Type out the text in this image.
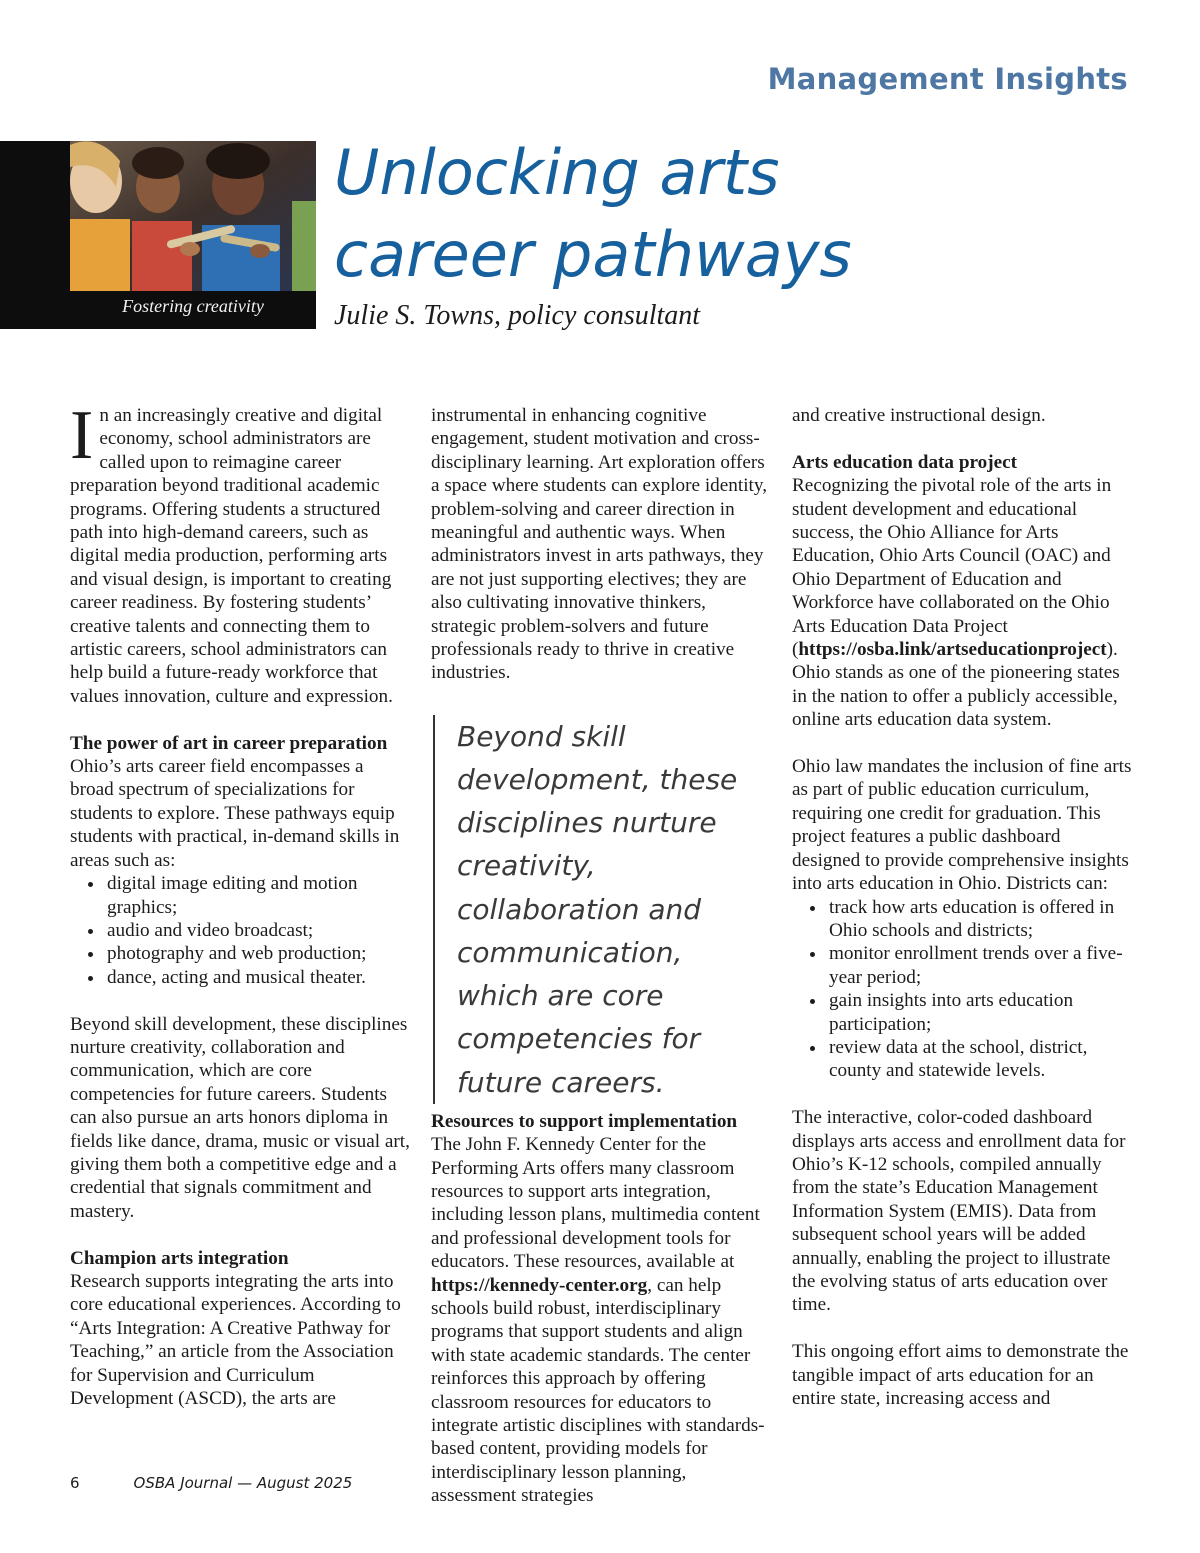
Management Insights
Fostering creativity
Unlocking arts
career pathways

Julie S. Towns, policy consultant

In an increasingly creative and digital economy, school administrators are called upon to reimagine career preparation beyond traditional academic programs. Offering students a structured path into high-demand careers, such as digital media production, performing arts and visual design, is important to creating career readiness. By fostering students’ creative talents and connecting them to artistic careers, school administrators can help build a future-ready workforce that values innovation, culture and expression.

The power of art in career preparation

Ohio’s arts career field encompasses a broad spectrum of specializations for students to explore. These pathways equip students with practical, in-demand skills in areas such as:

• digital image editing and motion graphics;
• audio and video broadcast;
• photography and web production;
• dance, acting and musical theater.

Beyond skill development, these disciplines nurture creativity, collaboration and communication, which are core competencies for future careers. Students can also pursue an arts honors diploma in fields like dance, drama, music or visual art, giving them both a competitive edge and a credential that signals commitment and mastery.

Champion arts integration

Research supports integrating the arts into core educational experiences. According to “Arts Integration: A Creative Pathway for Teaching,” an article from the Association for Supervision and Curriculum Development (ASCD), the arts are

instrumental in enhancing cognitive engagement, student motivation and cross-disciplinary learning. Art exploration offers a space where students can explore identity, problem-solving and career direction in meaningful and authentic ways. When administrators invest in arts pathways, they are not just supporting electives; they are also cultivating innovative thinkers, strategic problem-solvers and future professionals ready to thrive in creative industries.

Beyond skill development, these disciplines nurture creativity, collaboration and communication, which are core competencies for future careers.
Resources to support implementation

The John F. Kennedy Center for the Performing Arts offers many classroom resources to support arts integration, including lesson plans, multimedia content and professional development tools for educators. These resources, available at https://kennedy-center.org, can help schools build robust, interdisciplinary programs that support students and align with state academic standards. The center reinforces this approach by offering classroom resources for educators to integrate artistic disciplines with standards-based content, providing models for interdisciplinary lesson planning, assessment strategies

and creative instructional design.

Arts education data project

Recognizing the pivotal role of the arts in student development and educational success, the Ohio Alliance for Arts Education, Ohio Arts Council (OAC) and Ohio Department of Education and Workforce have collaborated on the Ohio Arts Education Data Project (https://osba.link/artseducationproject). Ohio stands as one of the pioneering states in the nation to offer a publicly accessible, online arts education data system.

Ohio law mandates the inclusion of fine arts as part of public education curriculum, requiring one credit for graduation. This project features a public dashboard designed to provide comprehensive insights into arts education in Ohio. Districts can:

• track how arts education is offered in Ohio schools and districts;
• monitor enrollment trends over a five-year period;
• gain insights into arts education participation;
• review data at the school, district, county and statewide levels.

The interactive, color-coded dashboard displays arts access and enrollment data for Ohio’s K-12 schools, compiled annually from the state’s Education Management Information System (EMIS). Data from subsequent school years will be added annually, enabling the project to illustrate the evolving status of arts education over time.

This ongoing effort aims to demonstrate the tangible impact of arts education for an entire state, increasing access and

6	OSBA Journal — August 2025
